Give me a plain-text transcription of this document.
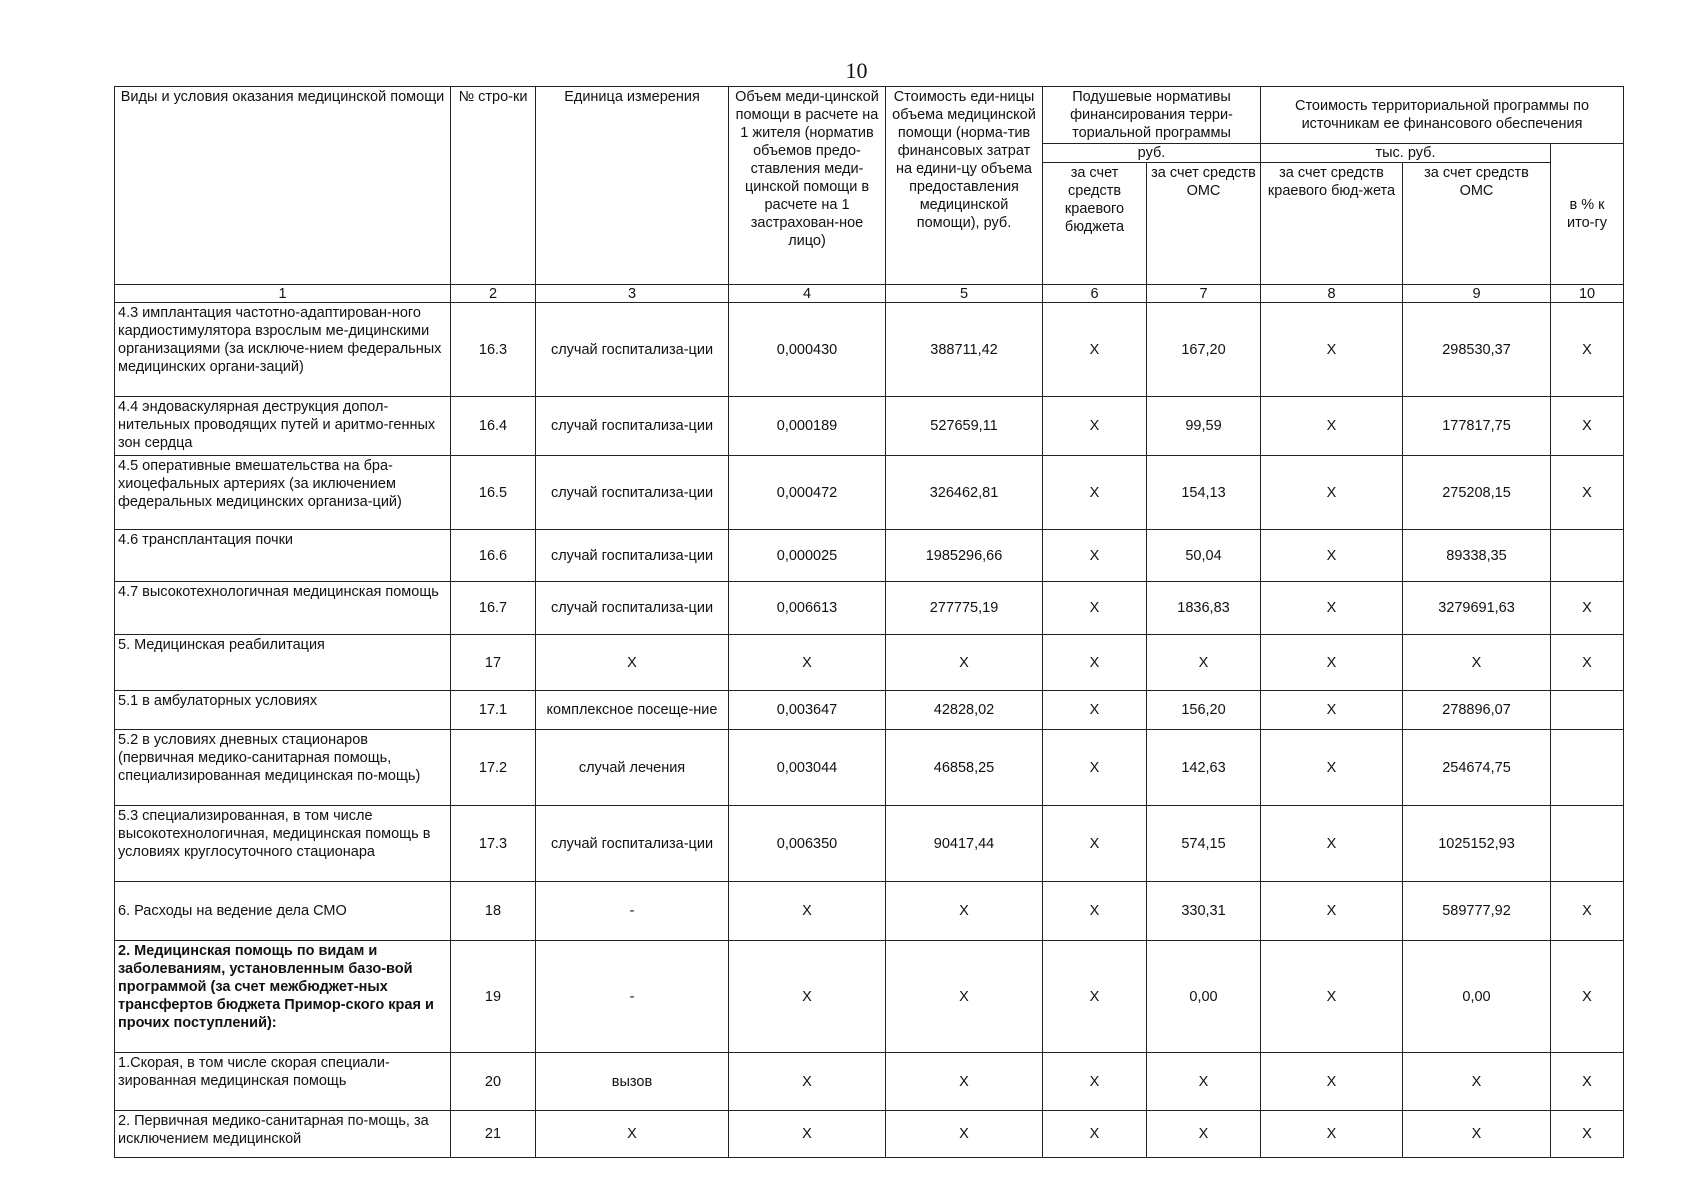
10
Виды и условия оказания медицинской помощи	№ стро-ки	Единица измерения	Объем меди-цинской помощи в расчете на 1 жителя (норматив объемов предо-ставления меди-цинской помощи в расчете на 1 застрахован-ное лицо)	Стоимость еди-ницы объема медицинской помощи (норма-тив финансовых затрат на едини-цу объема предоставления медицинской помощи), руб.	Подушевые нормативы финансирования терри-ториальной программы		Стоимость территориальной программы по источникам ее финансового обеспечения		
					руб.		тыс. руб.		в % к ито-гу
					за счет средств краевого бюджета	за счет средств ОМС	за счет средств краевого бюд-жета	за счет средств ОМС	
1	2	3	4	5	6	7	8	9	10
4.3 имплантация частотно-адаптирован-ного кардиостимулятора взрослым ме-дицинскими организациями (за исключе-нием федеральных медицинских органи-заций)	16.3	случай госпитализа-ции	0,000430	388711,42	X	167,20	X	298530,37	X
4.4 эндоваскулярная деструкция допол-нительных проводящих путей и аритмо-генных зон сердца	16.4	случай госпитализа-ции	0,000189	527659,11	X	99,59	X	177817,75	X
4.5 оперативные вмешательства на бра-хиоцефальных артериях (за иключением федеральных медицинских организа-ций)	16.5	случай госпитализа-ции	0,000472	326462,81	X	154,13	X	275208,15	X
4.6 трансплантация почки	16.6	случай госпитализа-ции	0,000025	1985296,66	X	50,04	X	89338,35	
4.7 высокотехнологичная медицинская помощь	16.7	случай госпитализа-ции	0,006613	277775,19	X	1836,83	X	3279691,63	X
5. Медицинская реабилитация	17	X	X	X	X	X	X	X	X
5.1 в амбулаторных условиях	17.1	комплексное посеще-ние	0,003647	42828,02	X	156,20	X	278896,07	
5.2 в условиях дневных стационаров (первичная медико-санитарная помощь, специализированная медицинская по-мощь)	17.2	случай лечения	0,003044	46858,25	X	142,63	X	254674,75	
5.3 специализированная, в том числе высокотехнологичная, медицинская помощь в условиях круглосуточного стационара	17.3	случай госпитализа-ции	0,006350	90417,44	X	574,15	X	1025152,93	
6. Расходы на ведение дела СМО	18	-	X	X	X	330,31	X	589777,92	X
2. Медицинская помощь по видам и заболеваниям, установленным базо-вой программой (за счет межбюджет-ных трансфертов бюджета Примор-ского края и прочих поступлений):	19	-	X	X	X	0,00	X	0,00	X
1.Скорая, в том числе скорая специали-зированная медицинская помощь	20	вызов	X	X	X	X	X	X	X
2. Первичная медико-санитарная по-мощь, за исключением медицинской	21	X	X	X	X	X	X	X	X
